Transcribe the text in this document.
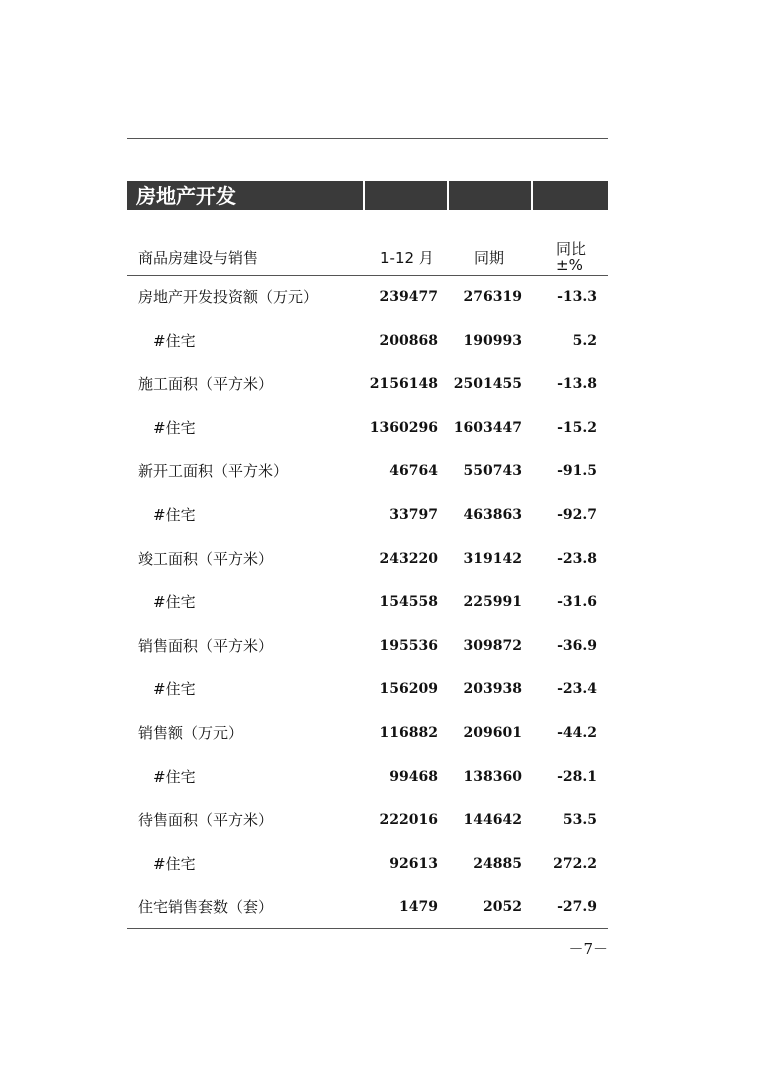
房地产开发
商品房建设与销售	1-12 月	同期	同比
±%
房地产开发投资额（万元）	239477	276319	-13.3
#住宅	200868	190993	5.2
施工面积（平方米）	2156148	2501455	-13.8
#住宅	1360296	1603447	-15.2
新开工面积（平方米）	46764	550743	-91.5
#住宅	33797	463863	-92.7
竣工面积（平方米）	243220	319142	-23.8
#住宅	154558	225991	-31.6
销售面积（平方米）	195536	309872	-36.9
#住宅	156209	203938	-23.4
销售额（万元）	116882	209601	-44.2
#住宅	99468	138360	-28.1
待售面积（平方米）	222016	144642	53.5
#住宅	92613	24885	272.2
住宅销售套数（套）	1479	2052	-27.9
－7－
